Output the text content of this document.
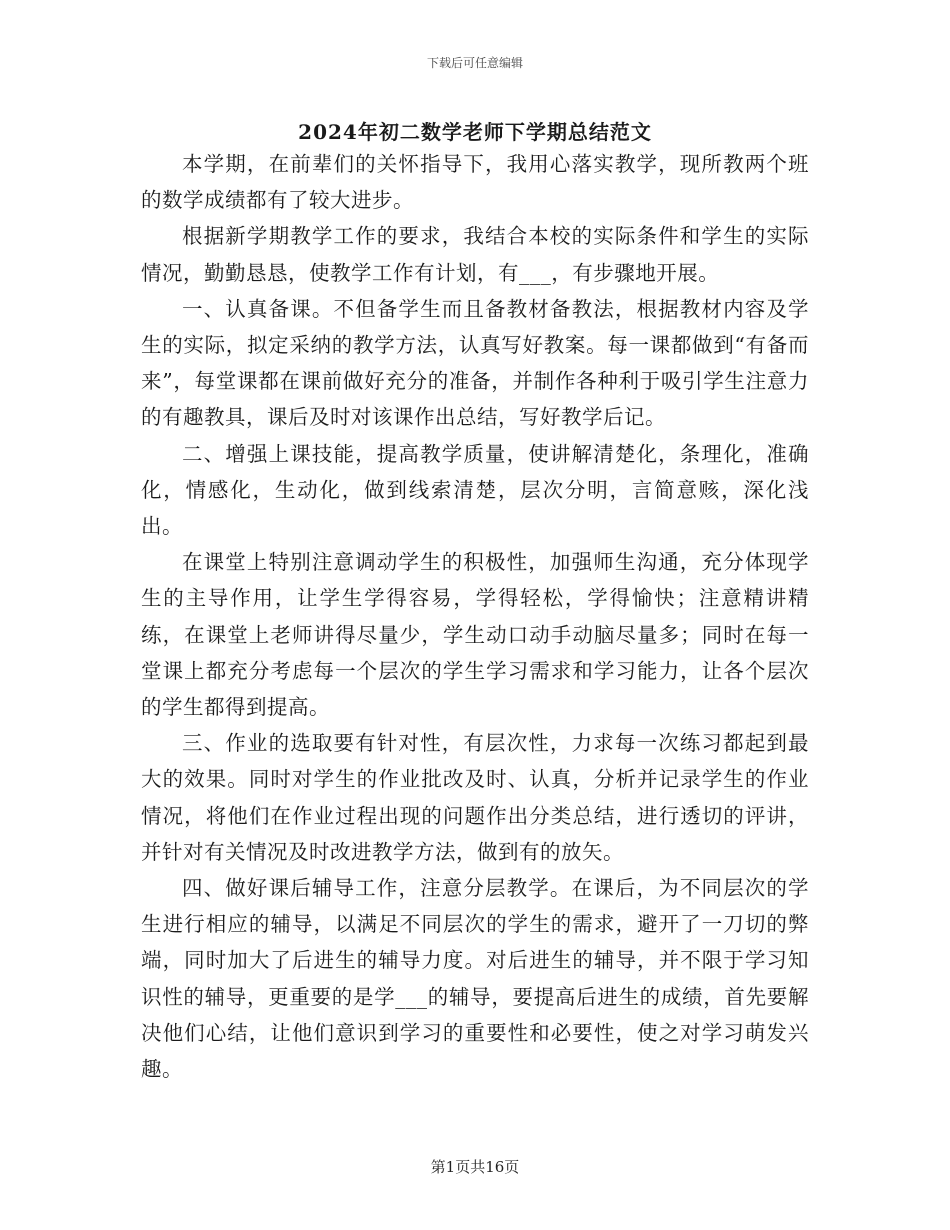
下载后可任意编辑
2024年初二数学老师下学期总结范文

本学期，在前辈们的关怀指导下，我用心落实教学，现所教两个班的数学成绩都有了较大进步。

根据新学期教学工作的要求，我结合本校的实际条件和学生的实际情况，勤勤恳恳，使教学工作有计划，有___，有步骤地开展。

一、认真备课。不但备学生而且备教材备教法，根据教材内容及学生的实际，拟定采纳的教学方法，认真写好教案。每一课都做到“有备而来”，每堂课都在课前做好充分的准备，并制作各种利于吸引学生注意力的有趣教具，课后及时对该课作出总结，写好教学后记。

二、增强上课技能，提高教学质量，使讲解清楚化，条理化，准确化，情感化，生动化，做到线索清楚，层次分明，言简意赅，深化浅出。

在课堂上特别注意调动学生的积极性，加强师生沟通，充分体现学生的主导作用，让学生学得容易，学得轻松，学得愉快；注意精讲精练，在课堂上老师讲得尽量少，学生动口动手动脑尽量多；同时在每一堂课上都充分考虑每一个层次的学生学习需求和学习能力，让各个层次的学生都得到提高。

三、作业的选取要有针对性，有层次性，力求每一次练习都起到最大的效果。同时对学生的作业批改及时、认真，分析并记录学生的作业情况，将他们在作业过程出现的问题作出分类总结，进行透切的评讲，并针对有关情况及时改进教学方法，做到有的放矢。

四、做好课后辅导工作，注意分层教学。在课后，为不同层次的学生进行相应的辅导，以满足不同层次的学生的需求，避开了一刀切的弊端，同时加大了后进生的辅导力度。对后进生的辅导，并不限于学习知识性的辅导，更重要的是学___的辅导，要提高后进生的成绩，首先要解决他们心结，让他们意识到学习的重要性和必要性，使之对学习萌发兴趣。

第1页共16页
